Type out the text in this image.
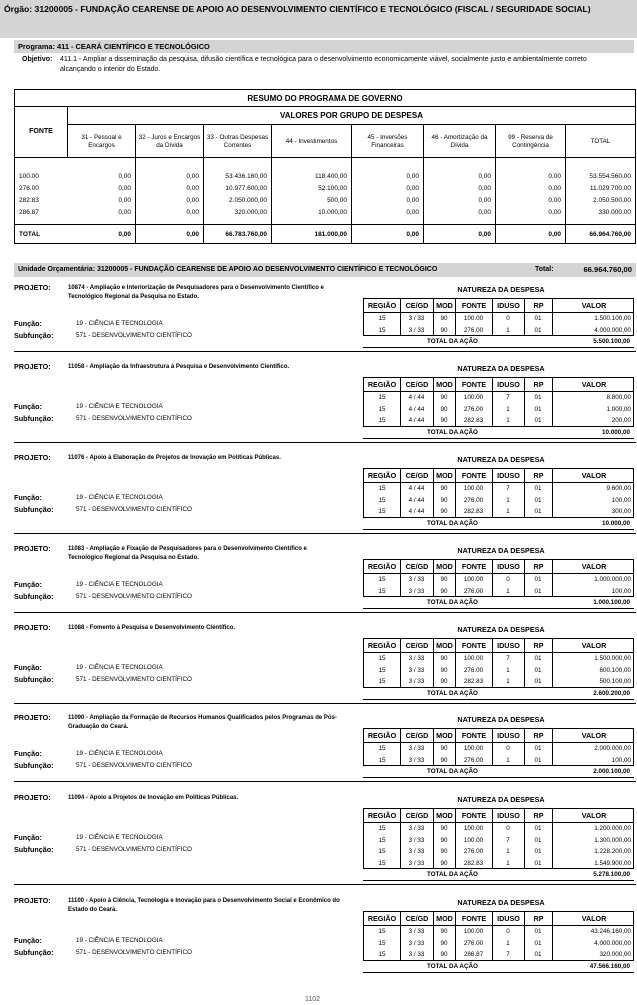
Órgão: 31200005 - FUNDAÇÃO CEARENSE DE APOIO AO DESENVOLVIMENTO CIENTÍFICO E TECNOLÓGICO (FISCAL / SEGURIDADE SOCIAL)
Programa: 411 - CEARÁ CIENTÍFICO E TECNOLÓGICO
Objetivo: 411.1 - Ampliar a disseminação da pesquisa, difusão científica e tecnológica para o desenvolvimento economicamente viável, socialmente justo e ambientalmente correto alcançando o interior do Estado.
RESUMO DO PROGRAMA DE GOVERNO
VALORES POR GRUPO DE DESPESA
FONTE
31 - Pessoal e Encargos
32 - Juros e Encargos da Dívida
33 - Outras Despesas Correntes
44 - Investimentos
45 - Inversões Financeiras
46 - Amortização da Dívida
99 - Reserva de Contingência
TOTAL
100.00	0,00	0,00	53.436.160,00	118.400,00	0,00	0,00	0,00	53.554.560,00
276.00	0,00	0,00	10.977.600,00	52.100,00	0,00	0,00	0,00	11.029.700,00
282.83	0,00	0,00	2.050.000,00	500,00	0,00	0,00	0,00	2.050.500,00
286.87	0,00	0,00	320.000,00	10.000,00	0,00	0,00	0,00	330.000,00
TOTAL	0,00	0,00	66.783.760,00	181.000,00	0,00	0,00	0,00	66.964.760,00
Unidade Orçamentária: 31200005 - FUNDAÇÃO CEARENSE DE APOIO AO DESENVOLVIMENTO CIENTÍFICO E TECNOLÓGICO	Total:	66.964.760,00
PROJETO:	10874 - Ampliação e Interiorização de Pesquisadores para o Desenvolvimento Científico e Tecnológico Regional da Pesquisa no Estado.
NATUREZA DA DESPESA
Função:	19 - CIÊNCIA E TECNOLOGIA
Subfunção:	571 - DESENVOLVIMENTO CIENTÍFICO
REGIÃO	CE/GD	MOD	FONTE	IDUSO	RP	VALOR
15	3 / 33	90	100.00	0	01	1.500.100,00
15	3 / 33	90	276.00	1	01	4.000.000,00
TOTAL DA AÇÃO	5.500.100,00
PROJETO:	11058 - Ampliação da Infraestrutura à Pesquisa e Desenvolvimento Científico.	NATUREZA DA DESPESA
Função:	19 - CIÊNCIA E TECNOLOGIA
Subfunção:	571 - DESENVOLVIMENTO CIENTÍFICO
REGIÃO	CE/GD	MOD	FONTE	IDUSO	RP	VALOR
15	4 / 44	90	100.00	7	01	8.800,00
15	4 / 44	90	276.00	1	01	1.000,00
15	4 / 44	90	282.83	1	01	200,00
TOTAL DA AÇÃO	10.000,00
PROJETO:	11076 - Apoio à Elaboração de Projetos de Inovação em Políticas Públicas.	NATUREZA DA DESPESA
Função:	19 - CIÊNCIA E TECNOLOGIA
Subfunção:	571 - DESENVOLVIMENTO CIENTÍFICO
REGIÃO	CE/GD	MOD	FONTE	IDUSO	RP	VALOR
15	4 / 44	90	100.00	7	01	9.600,00
15	4 / 44	90	276.00	1	01	100,00
15	4 / 44	90	282.83	1	01	300,00
TOTAL DA AÇÃO	10.000,00
PROJETO:	11083 - Ampliação e Fixação de Pesquisadores para o Desenvolvimento Científico e Tecnológico Regional da Pesquisa no Estado.
NATUREZA DA DESPESA
Função:	19 - CIÊNCIA E TECNOLOGIA
Subfunção:	571 - DESENVOLVIMENTO CIENTÍFICO
REGIÃO	CE/GD	MOD	FONTE	IDUSO	RP	VALOR
15	3 / 33	90	100.00	0	01	1.000.000,00
15	3 / 33	90	276.00	1	01	100,00
TOTAL DA AÇÃO	1.000.100,00
PROJETO:	11088 - Fomento à Pesquisa e Desenvolvimento Científico.	NATUREZA DA DESPESA
Função:	19 - CIÊNCIA E TECNOLOGIA
Subfunção:	571 - DESENVOLVIMENTO CIENTÍFICO
REGIÃO	CE/GD	MOD	FONTE	IDUSO	RP	VALOR
15	3 / 33	90	100.00	7	01	1.500.000,00
15	3 / 33	90	276.00	1	01	600.100,00
15	3 / 33	90	282.83	1	01	500.100,00
TOTAL DA AÇÃO	2.600.200,00
PROJETO:	11090 - Ampliação da Formação de Recursos Humanos Qualificados pelos Programas de Pós-Graduação do Ceará.
NATUREZA DA DESPESA
Função:	19 - CIÊNCIA E TECNOLOGIA
Subfunção:	571 - DESENVOLVIMENTO CIENTÍFICO
REGIÃO	CE/GD	MOD	FONTE	IDUSO	RP	VALOR
15	3 / 33	90	100.00	0	01	2.000.000,00
15	3 / 33	90	276.00	1	01	100,00
TOTAL DA AÇÃO	2.000.100,00
PROJETO:	11094 - Apoio a Projetos de Inovação em Políticas Públicas.	NATUREZA DA DESPESA
Função:	19 - CIÊNCIA E TECNOLOGIA
Subfunção:	571 - DESENVOLVIMENTO CIENTÍFICO
REGIÃO	CE/GD	MOD	FONTE	IDUSO	RP	VALOR
15	3 / 33	90	100.00	0	01	1.200.000,00
15	3 / 33	90	100.00	7	01	1.300.000,00
15	3 / 33	90	276.00	1	01	1.228.200,00
15	3 / 33	90	282.83	1	01	1.549.900,00
TOTAL DA AÇÃO	5.278.100,00
PROJETO:	11100 - Apoio à Ciência, Tecnologia e Inovação para o Desenvolvimento Social e Econômico do Estado do Ceará.
NATUREZA DA DESPESA
Função:	19 - CIÊNCIA E TECNOLOGIA
Subfunção:	571 - DESENVOLVIMENTO CIENTÍFICO
REGIÃO	CE/GD	MOD	FONTE	IDUSO	RP	VALOR
15	3 / 33	90	100.00	0	01	43.246.160,00
15	3 / 33	90	276.00	1	01	4.000.000,00
15	3 / 33	90	286.87	7	01	320.000,00
TOTAL DA AÇÃO	47.566.160,00
1102
